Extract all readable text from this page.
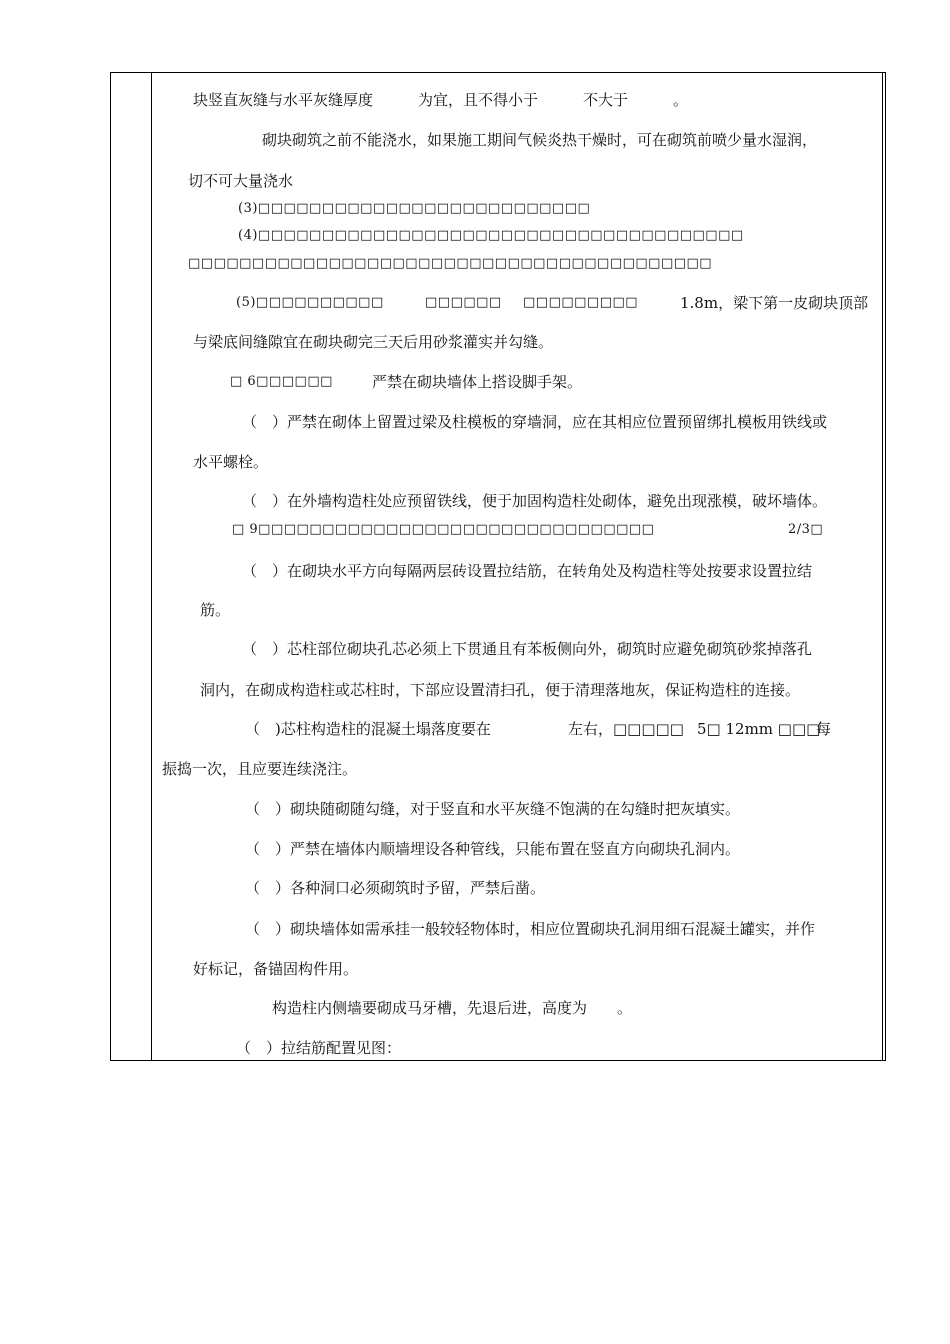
块竖直灰缝与水平灰缝厚度　　　为宜，且不得小于　　　不大于　　　。
砌块砌筑之前不能浇水，如果施工期间气候炎热干燥时，可在砌筑前喷少量水湿润，
切不可大量浇水
(3)□□□□□□□□□□□□□□□□□□□□□□□□□□
(4)□□□□□□□□□□□□□□□□□□□□□□□□□□□□□□□□□□□□□□
□□□□□□□□□□□□□□□□□□□□□□□□□□□□□□□□□□□□□□□□□
(5)□□□□□□□□□□	□□□□□□ □□□□□□□□□	1.8m，梁下第一皮砌块顶部
与梁底间缝隙宜在砌块砌完三天后用砂浆灌实并勾缝。
□ 6□□□□□□	严禁在砌块墙体上搭设脚手架。
（　）严禁在砌体上留置过梁及柱模板的穿墙洞，应在其相应位置预留绑扎模板用铁线或
水平螺栓。
（　）在外墙构造柱处应预留铁线，便于加固构造柱处砌体，避免出现涨模，破坏墙体。
□ 9□□□□□□□□□□□□□□□□□□□□□□□□□□□□□□□	2/3□
（　）在砌块水平方向每隔两层砖设置拉结筋，在转角处及构造柱等处按要求设置拉结
筋。
（　）芯柱部位砌块孔芯必须上下贯通且有苯板侧向外，砌筑时应避免砌筑砂浆掉落孔
洞内，在砌成构造柱或芯柱时，下部应设置清扫孔，便于清理落地灰，保证构造柱的连接。
（　)芯柱构造柱的混凝土塌落度要在	左右，□□□□□ 5□ 12mm □□□
每
振捣一次，且应要连续浇注。
（　）砌块随砌随勾缝，对于竖直和水平灰缝不饱满的在勾缝时把灰填实。
（　）严禁在墙体内顺墙埋设各种管线，只能布置在竖直方向砌块孔洞内。
（　）各种洞口必须砌筑时予留，严禁后凿。
（　）砌块墙体如需承挂一般较轻物体时，相应位置砌块孔洞用细石混凝土罐实，并作
好标记，备锚固构件用。
构造柱内侧墙要砌成马牙槽，先退后进，高度为　　。
（　）拉结筋配置见图：
